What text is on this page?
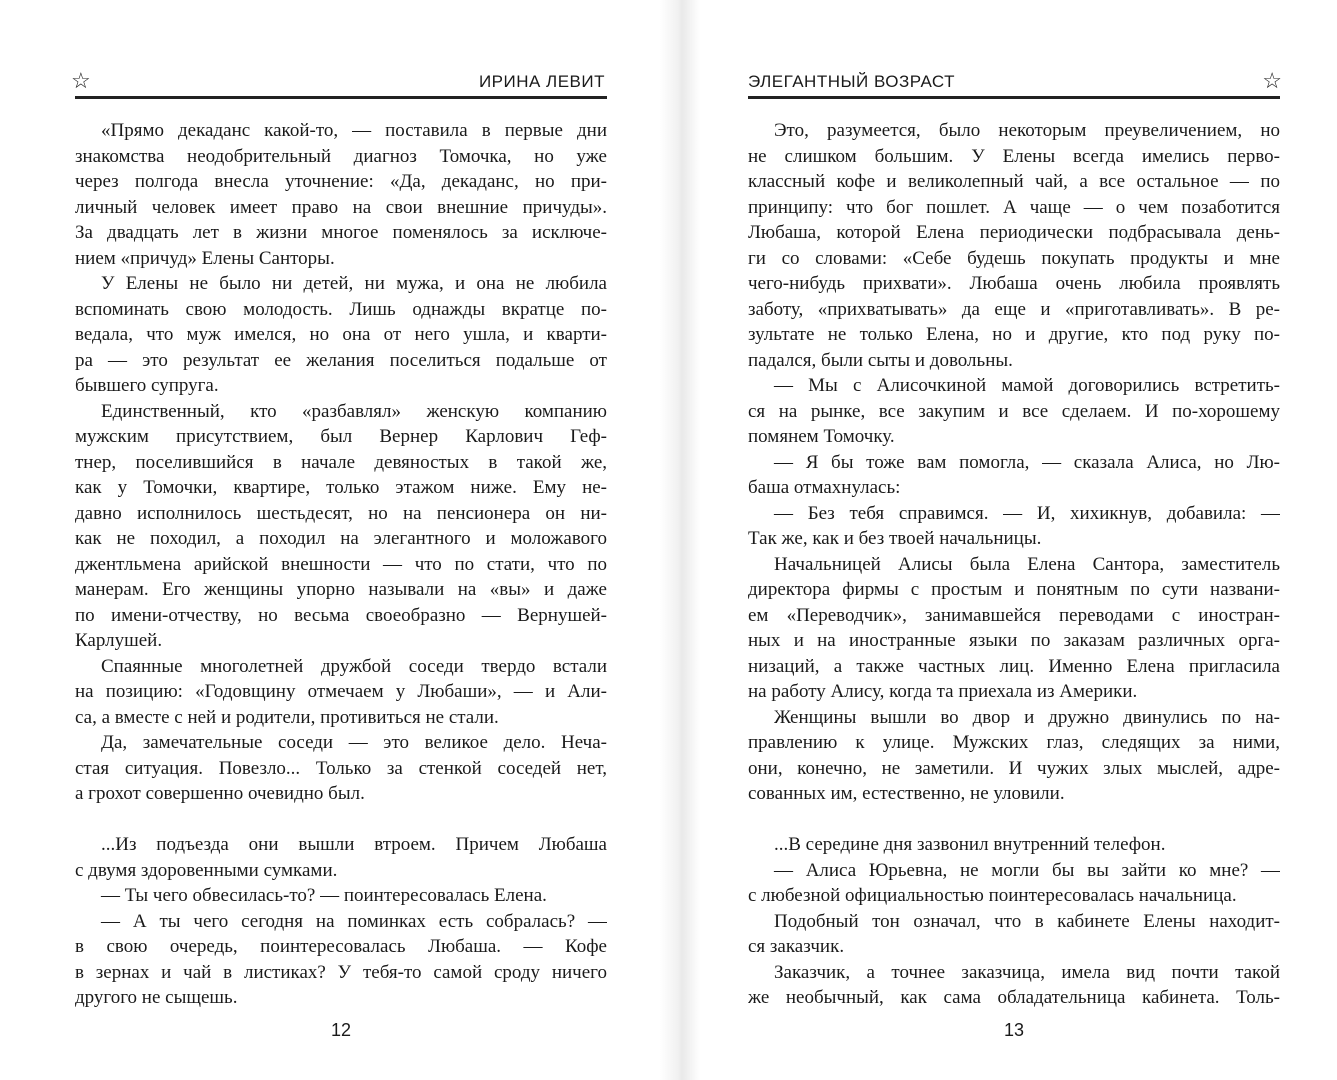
☆	ИРИНА ЛЕВИТ
«Прямо декаданс какой-то, — поставила в первые дни
знакомства неодобрительный диагноз Томочка, но уже
через полгода внесла уточнение: «Да, декаданс, но при-
личный человек имеет право на свои внешние причуды».
За двадцать лет в жизни многое поменялось за исключе-
нием «причуд» Елены Санторы.
У Елены не было ни детей, ни мужа, и она не любила
вспоминать свою молодость. Лишь однажды вкратце по-
ведала, что муж имелся, но она от него ушла, и кварти-
ра — это результат ее желания поселиться подальше от
бывшего супруга.
Единственный, кто «разбавлял» женскую компанию
мужским присутствием, был Вернер Карлович Геф-
тнер, поселившийся в начале девяностых в такой же,
как у Томочки, квартире, только этажом ниже. Ему не-
давно исполнилось шестьдесят, но на пенсионера он ни-
как не походил, а походил на элегантного и моложавого
джентльмена арийской внешности — что по стати, что по
манерам. Его женщины упорно называли на «вы» и даже
по имени-отчеству, но весьма своеобразно — Вернушей-
Карлушей.
Спаянные многолетней дружбой соседи твердо встали
на позицию: «Годовщину отмечаем у Любаши», — и Али-
са, а вместе с ней и родители, противиться не стали.
Да, замечательные соседи — это великое дело. Неча-
стая ситуация. Повезло... Только за стенкой соседей нет,
а грохот совершенно очевидно был.
...Из подъезда они вышли втроем. Причем Любаша
с двумя здоровенными сумками.
— Ты чего обвесилась-то? — поинтересовалась Елена.
— А ты чего сегодня на поминках есть собралась? —
в свою очередь, поинтересовалась Любаша. — Кофе
в зернах и чай в листиках? У тебя-то самой сроду ничего
другого не сыщешь.
12
ЭЛЕГАНТНЫЙ ВОЗРАСТ	☆
Это, разумеется, было некоторым преувеличением, но
не слишком большим. У Елены всегда имелись перво-
классный кофе и великолепный чай, а все остальное — по
принципу: что бог пошлет. А чаще — о чем позаботится
Любаша, которой Елена периодически подбрасывала день-
ги со словами: «Себе будешь покупать продукты и мне
чего-нибудь прихвати». Любаша очень любила проявлять
заботу, «прихватывать» да еще и «приготавливать». В ре-
зультате не только Елена, но и другие, кто под руку по-
падался, были сыты и довольны.
— Мы с Алисочкиной мамой договорились встретить-
ся на рынке, все закупим и все сделаем. И по-хорошему
помянем Томочку.
— Я бы тоже вам помогла, — сказала Алиса, но Лю-
баша отмахнулась:
— Без тебя справимся. — И, хихикнув, добавила: —
Так же, как и без твоей начальницы.
Начальницей Алисы была Елена Сантора, заместитель
директора фирмы с простым и понятным по сути названи-
ем «Переводчик», занимавшейся переводами с иностран-
ных и на иностранные языки по заказам различных орга-
низаций, а также частных лиц. Именно Елена пригласила
на работу Алису, когда та приехала из Америки.
Женщины вышли во двор и дружно двинулись по на-
правлению к улице. Мужских глаз, следящих за ними,
они, конечно, не заметили. И чужих злых мыслей, адре-
сованных им, естественно, не уловили.
...В середине дня зазвонил внутренний телефон.
— Алиса Юрьевна, не могли бы вы зайти ко мне? —
с любезной официальностью поинтересовалась начальница.
Подобный тон означал, что в кабинете Елены находит-
ся заказчик.
Заказчик, а точнее заказчица, имела вид почти такой
же необычный, как сама обладательница кабинета. Толь-
13
